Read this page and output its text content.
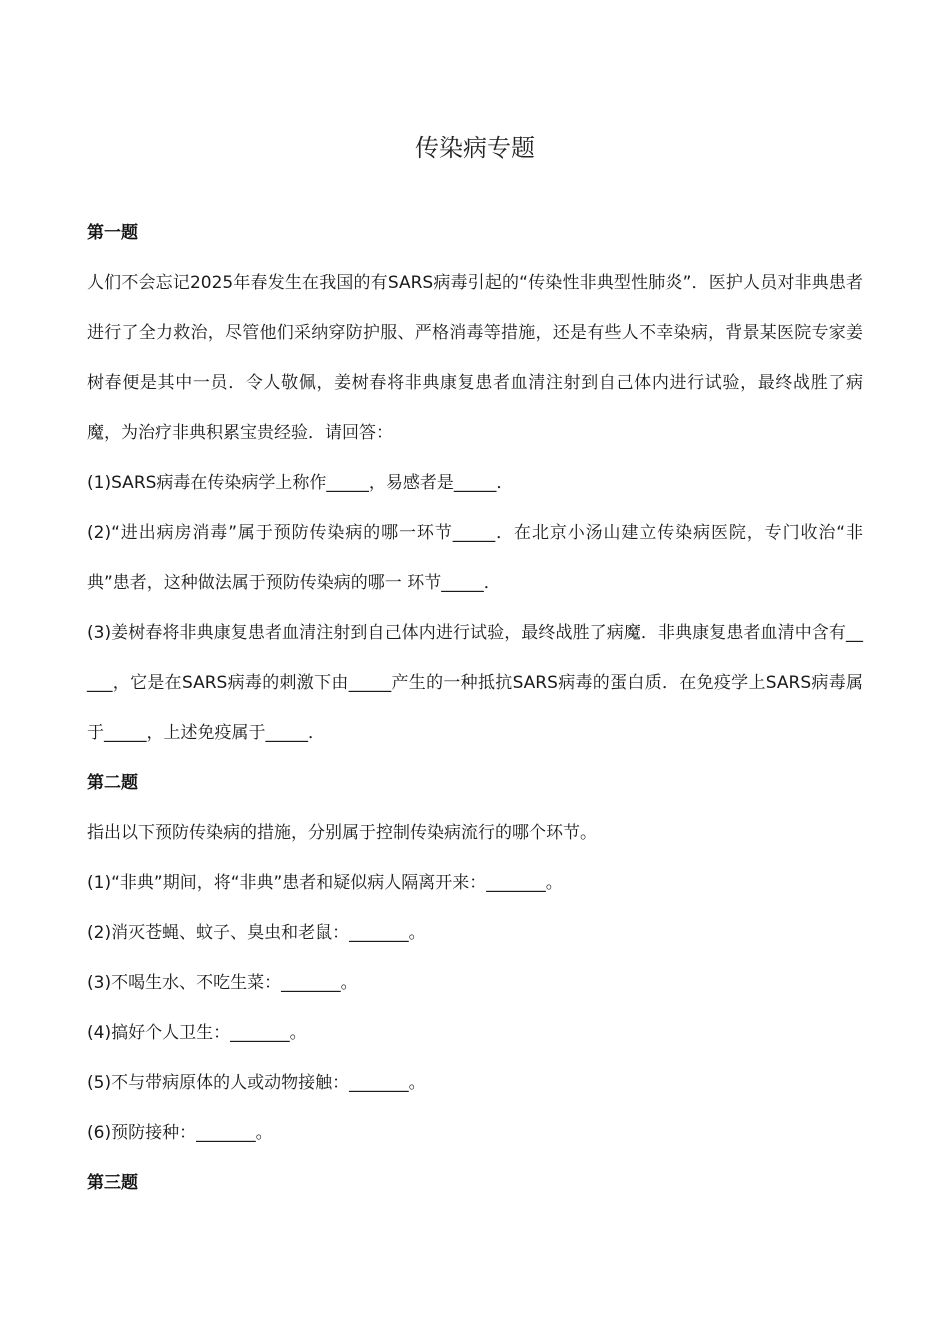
传染病专题

第一题

人们不会忘记2025年春发生在我国的有SARS病毒引起的“传染性非典型性肺炎”．医护人员对非典患者进行了全力救治，尽管他们采纳穿防护服、严格消毒等措施，还是有些人不幸染病，背景某医院专家姜树春便是其中一员．令人敬佩，姜树春将非典康复患者血清注射到自己体内进行试验，最终战胜了病魔，为治疗非典积累宝贵经验．请回答：

(1)SARS病毒在传染病学上称作_____，易感者是_____．

(2)“进出病房消毒”属于预防传染病的哪一环节_____．在北京小汤山建立传染病医院，专门收治“非典”患者，这种做法属于预防传染病的哪一 环节_____．

(3)姜树春将非典康复患者血清注射到自己体内进行试验，最终战胜了病魔．非典康复患者血清中含有_____，它是在SARS病毒的刺激下由_____产生的一种抵抗SARS病毒的蛋白质．在免疫学上SARS病毒属于_____，上述免疫属于_____．

第二题

指出以下预防传染病的措施，分别属于控制传染病流行的哪个环节。

(1)“非典”期间，将“非典”患者和疑似病人隔离开来：_______。

(2)消灭苍蝇、蚊子、臭虫和老鼠：_______。

(3)不喝生水、不吃生菜：_______。

(4)搞好个人卫生：_______。

(5)不与带病原体的人或动物接触：_______。

(6)预防接种：_______。

第三题
